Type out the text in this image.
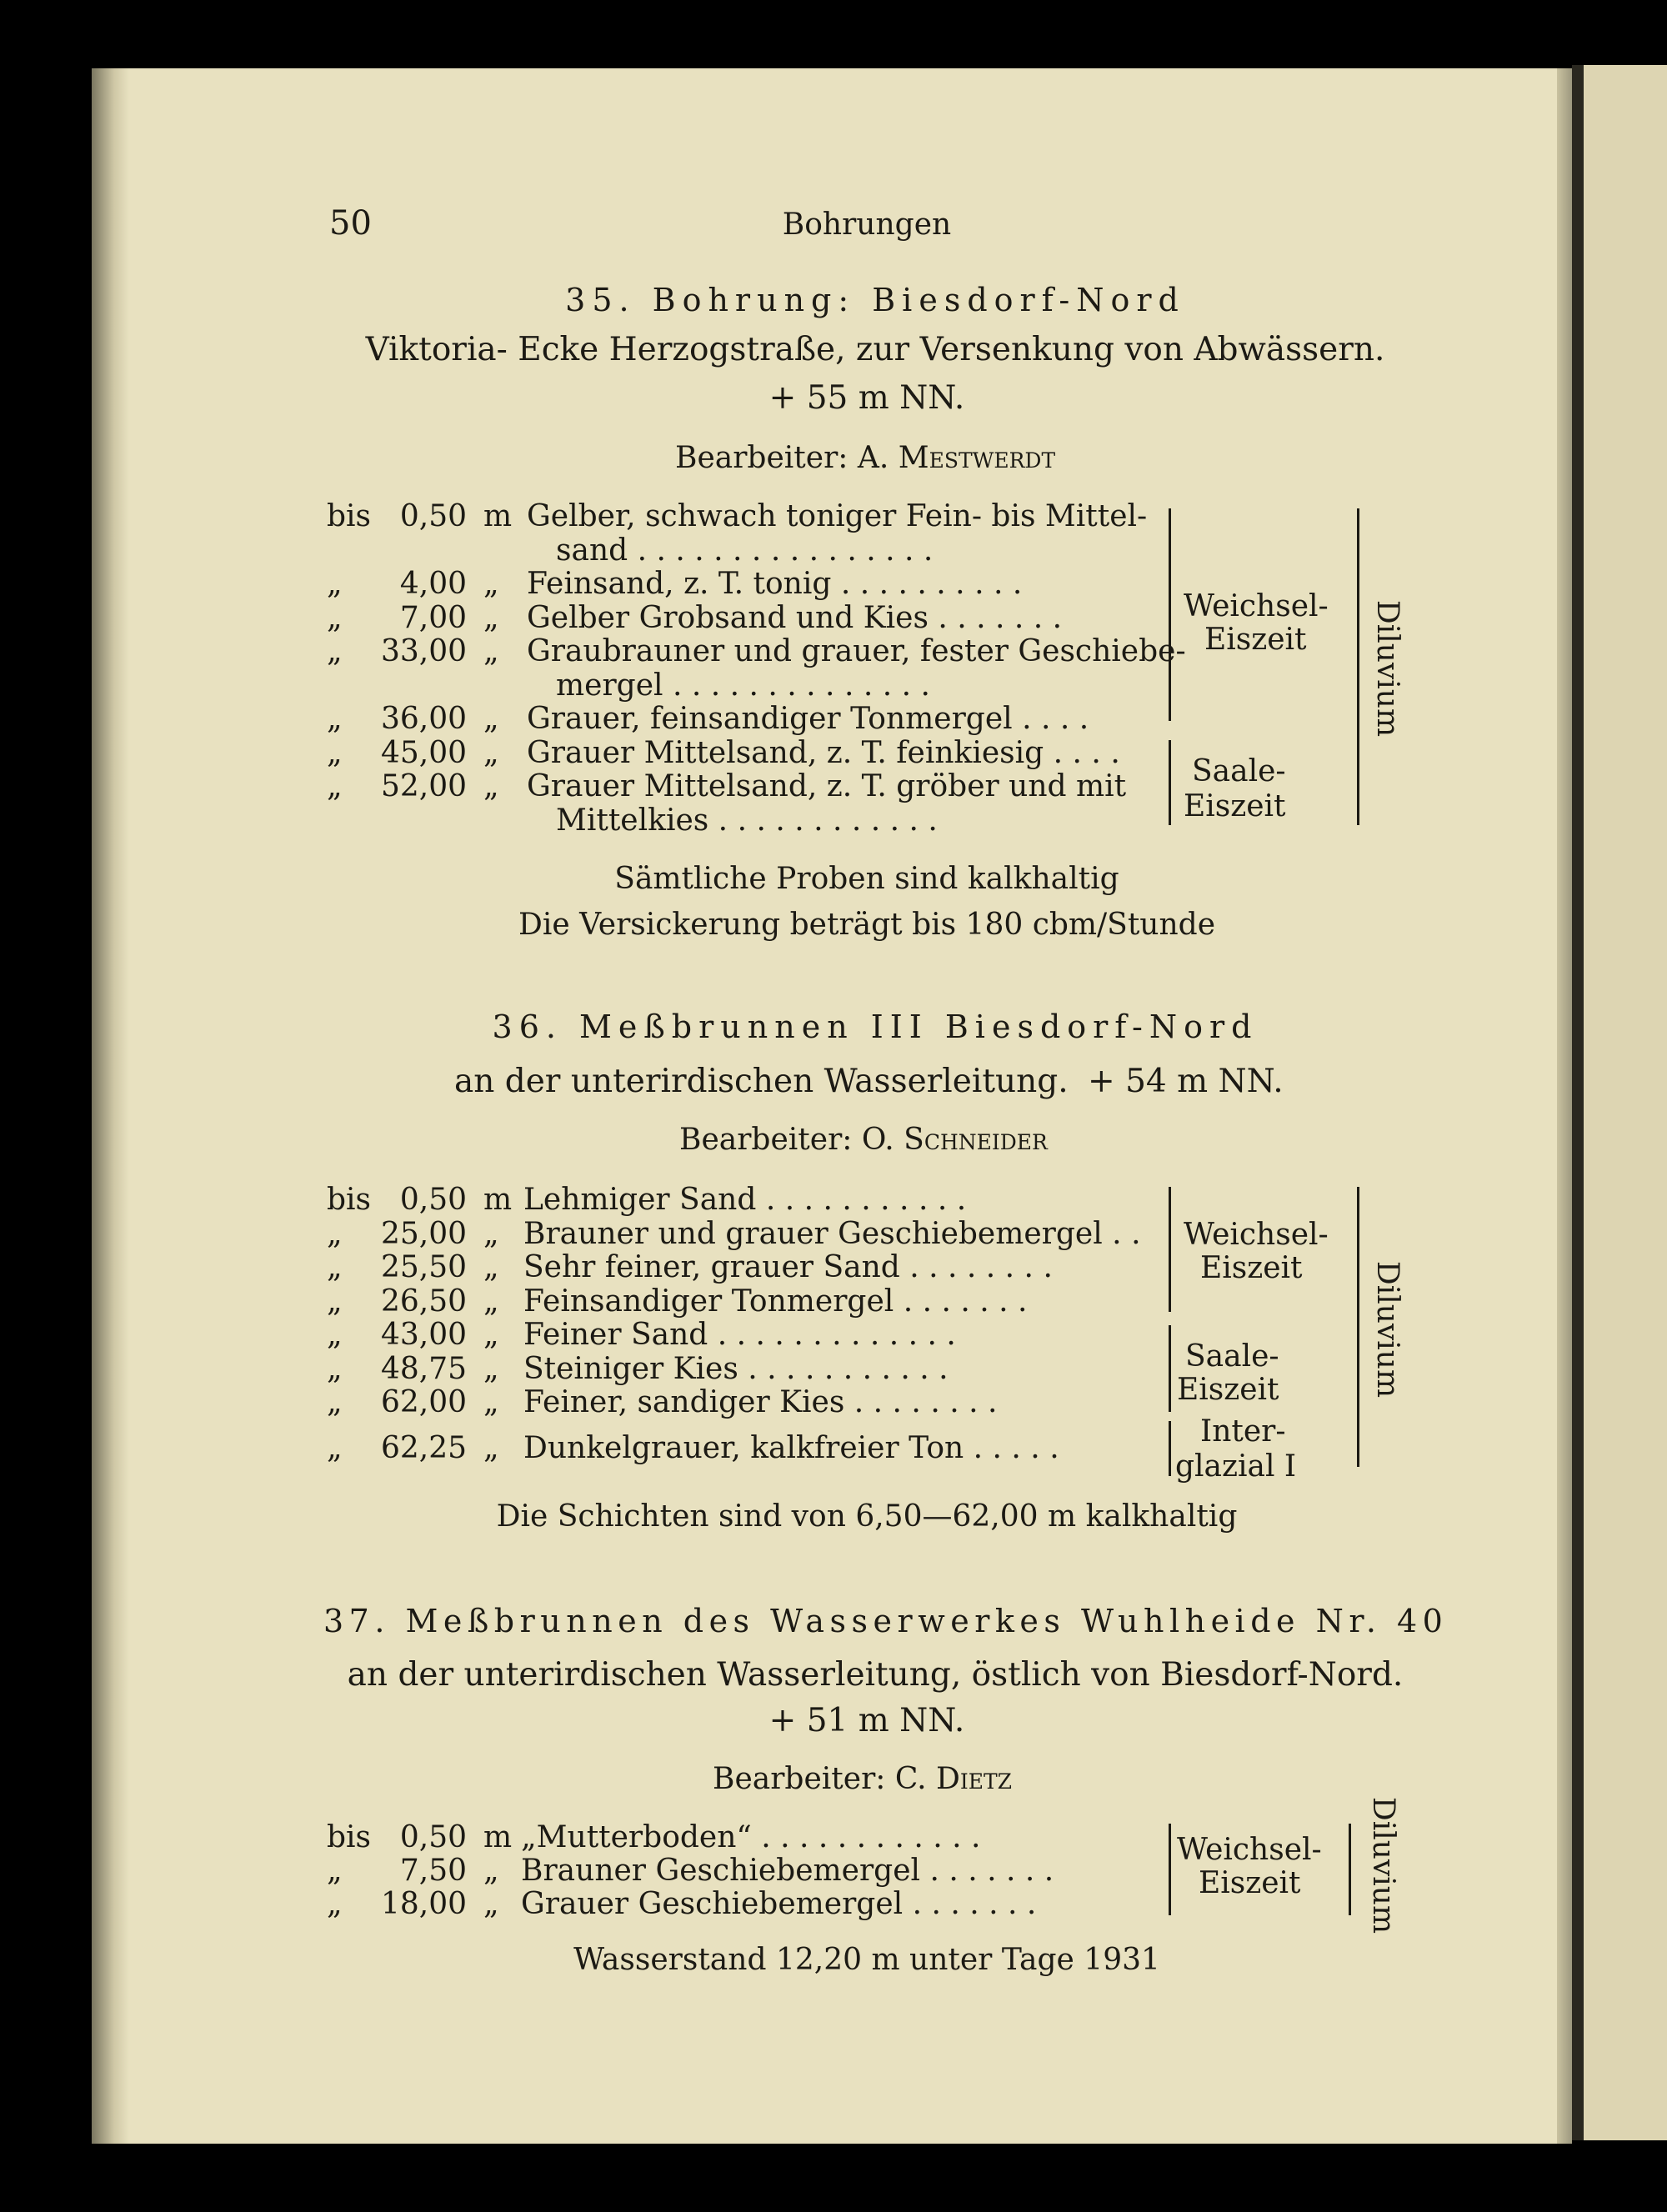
50	Bohrungen
35. Bohrung: Biesdorf-Nord
Viktoria- Ecke Herzogstraße, zur Versenkung von Abwässern.
+ 55 m NN.
Bearbeiter: A. Mestwerdt
bis 0,50 m Gelber, schwach toniger Fein- bis Mittel-
sand . . . . . . . . . . . . . . . .
„	4,00 „ Feinsand, z. T. tonig . . . . . . . . . .
„	7,00 „ Gelber Grobsand und Kies . . . . . . .
„ 33,00 „ Graubrauner und grauer, fester Geschiebe-
mergel . . . . . . . . . . . . . .
„ 36,00 „ Grauer, feinsandiger Tonmergel . . . .
„ 45,00 „ Grauer Mittelsand, z. T. feinkiesig . . . .
„ 52,00 „ Grauer Mittelsand, z. T. gröber und mit
Mittelkies . . . . . . . . . . . .
Weichsel-
Eiszeit
Saale-
Eiszeit
Diluvium
Sämtliche Proben sind kalkhaltig
Die Versickerung beträgt bis 180 cbm/Stunde
36. Meßbrunnen III Biesdorf-Nord
an der unterirdischen Wasserleitung. + 54 m NN.
Bearbeiter: O. Schneider
bis 0,50 m Lehmiger Sand . . . . . . . . . . .
„ 25,00 „ Brauner und grauer Geschiebemergel . .
„ 25,50 „ Sehr feiner, grauer Sand . . . . . . . .
„ 26,50 „ Feinsandiger Tonmergel . . . . . . .
„ 43,00 „ Feiner Sand . . . . . . . . . . . . .
„ 48,75 „ Steiniger Kies . . . . . . . . . . .
„ 62,00 „ Feiner, sandiger Kies . . . . . . . .
„ 62,25 „ Dunkelgrauer, kalkfreier Ton . . . . .
Weichsel-
Eiszeit
Saale-
Eiszeit
Inter-
glazial I
Diluvium
Die Schichten sind von 6,50—62,00 m kalkhaltig
37. Meßbrunnen des Wasserwerkes Wuhlheide Nr. 40
an der unterirdischen Wasserleitung, östlich von Biesdorf-Nord.
+ 51 m NN.
Bearbeiter: C. Dietz
bis 0,50 m „Mutterboden“ . . . . . . . . . . . .
„	7,50 „ Brauner Geschiebemergel . . . . . . .
„ 18,00 „ Grauer Geschiebemergel . . . . . . .
Weichsel-
Eiszeit Diluvium
Wasserstand 12,20 m unter Tage 1931
